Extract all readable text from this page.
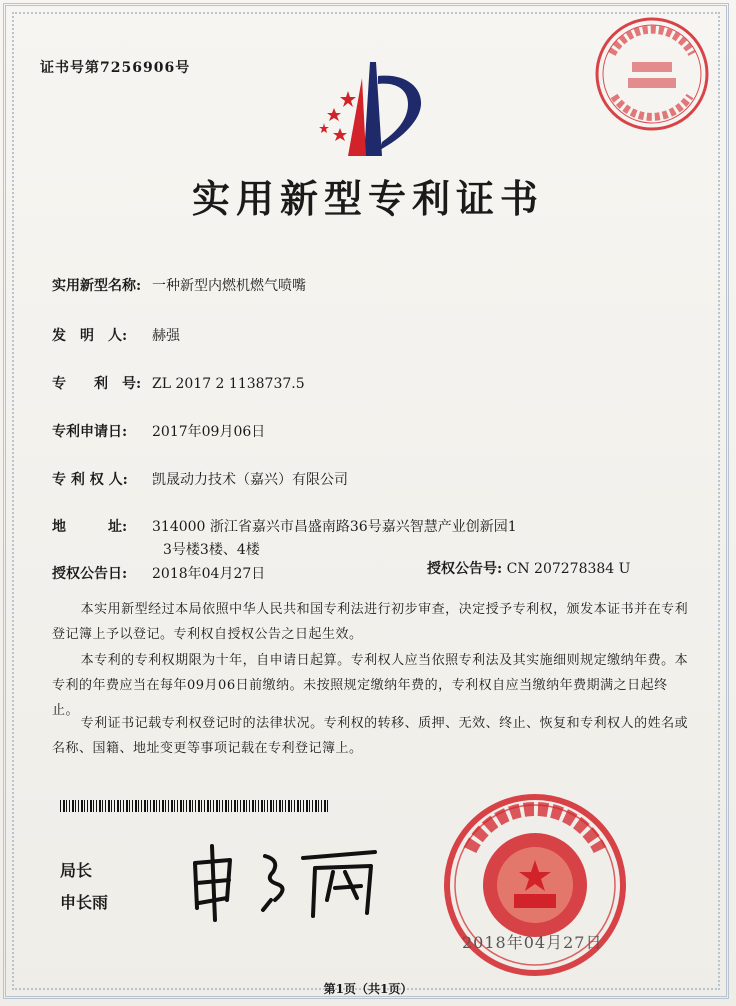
证书号第7256906号
实用新型专利证书
实用新型名称: 一种新型内燃机燃气喷嘴
发　明　人: 赫强
专　　利　号: ZL 2017 2 1138737.5
专利申请日: 2017年09月06日
专 利 权 人: 凯晟动力技术（嘉兴）有限公司
地　　　址: 314000 浙江省嘉兴市昌盛南路36号嘉兴智慧产业创新园1
3号楼3楼、4楼
授权公告日: 2018年04月27日	授权公告号: CN 207278384 U
本实用新型经过本局依照中华人民共和国专利法进行初步审查，决定授予专利权，颁发本证书并在专利登记簿上予以登记。专利权自授权公告之日起生效。
本专利的专利权期限为十年，自申请日起算。专利权人应当依照专利法及其实施细则规定缴纳年费。本专利的年费应当在每年09月06日前缴纳。未按照规定缴纳年费的，专利权自应当缴纳年费期满之日起终止。
专利证书记载专利权登记时的法律状况。专利权的转移、质押、无效、终止、恢复和专利权人的姓名或名称、国籍、地址变更等事项记载在专利登记簿上。
局长
申长雨
2018年04月27日
第1页（共1页）
